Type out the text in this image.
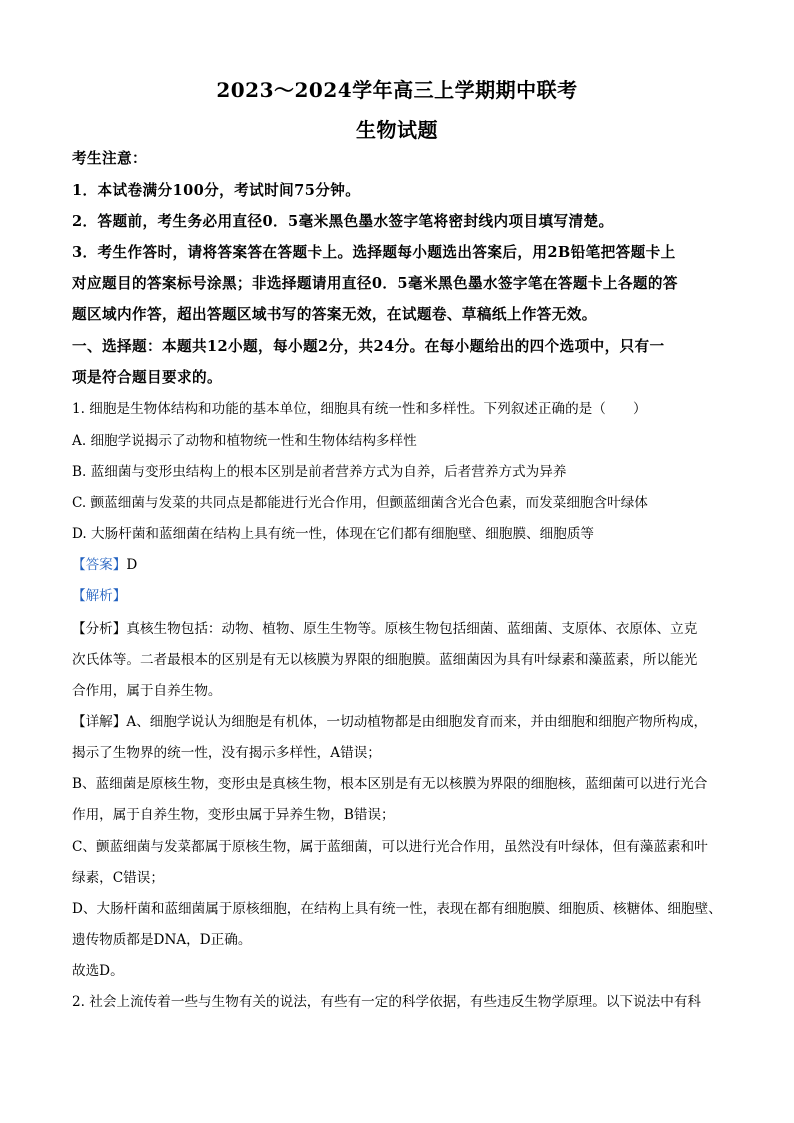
2023～2024学年高三上学期期中联考
生物试题
考生注意：
1．本试卷满分100分，考试时间75分钟。
2．答题前，考生务必用直径0．5毫米黑色墨水签字笔将密封线内项目填写清楚。
3．考生作答时，请将答案答在答题卡上。选择题每小题选出答案后，用2B铅笔把答题卡上
对应题目的答案标号涂黑；非选择题请用直径0．5毫米黑色墨水签字笔在答题卡上各题的答
题区域内作答，超出答题区域书写的答案无效，在试题卷、草稿纸上作答无效。
一、选择题：本题共12小题，每小题2分，共24分。在每小题给出的四个选项中，只有一
项是符合题目要求的。
1. 细胞是生物体结构和功能的基本单位，细胞具有统一性和多样性。下列叙述正确的是（　　）
A. 细胞学说揭示了动物和植物统一性和生物体结构多样性
B. 蓝细菌与变形虫结构上的根本区别是前者营养方式为自养，后者营养方式为异养
C. 颤蓝细菌与发菜的共同点是都能进行光合作用，但颤蓝细菌含光合色素，而发菜细胞含叶绿体
D. 大肠杆菌和蓝细菌在结构上具有统一性，体现在它们都有细胞壁、细胞膜、细胞质等
【答案】D
【解析】
【分析】真核生物包括：动物、植物、原生生物等。原核生物包括细菌、蓝细菌、支原体、衣原体、立克
次氏体等。二者最根本的区别是有无以核膜为界限的细胞膜。蓝细菌因为具有叶绿素和藻蓝素，所以能光
合作用，属于自养生物。
【详解】A、细胞学说认为细胞是有机体，一切动植物都是由细胞发育而来，并由细胞和细胞产物所构成，
揭示了生物界的统一性，没有揭示多样性，A错误；
B、蓝细菌是原核生物，变形虫是真核生物，根本区别是有无以核膜为界限的细胞核，蓝细菌可以进行光合
作用，属于自养生物，变形虫属于异养生物，B错误；
C、颤蓝细菌与发菜都属于原核生物，属于蓝细菌，可以进行光合作用，虽然没有叶绿体，但有藻蓝素和叶
绿素，C错误；
D、大肠杆菌和蓝细菌属于原核细胞，在结构上具有统一性，表现在都有细胞膜、细胞质、核糖体、细胞壁、
遗传物质都是DNA，D正确。
故选D。
2. 社会上流传着一些与生物有关的说法，有些有一定的科学依据，有些违反生物学原理。以下说法中有科
